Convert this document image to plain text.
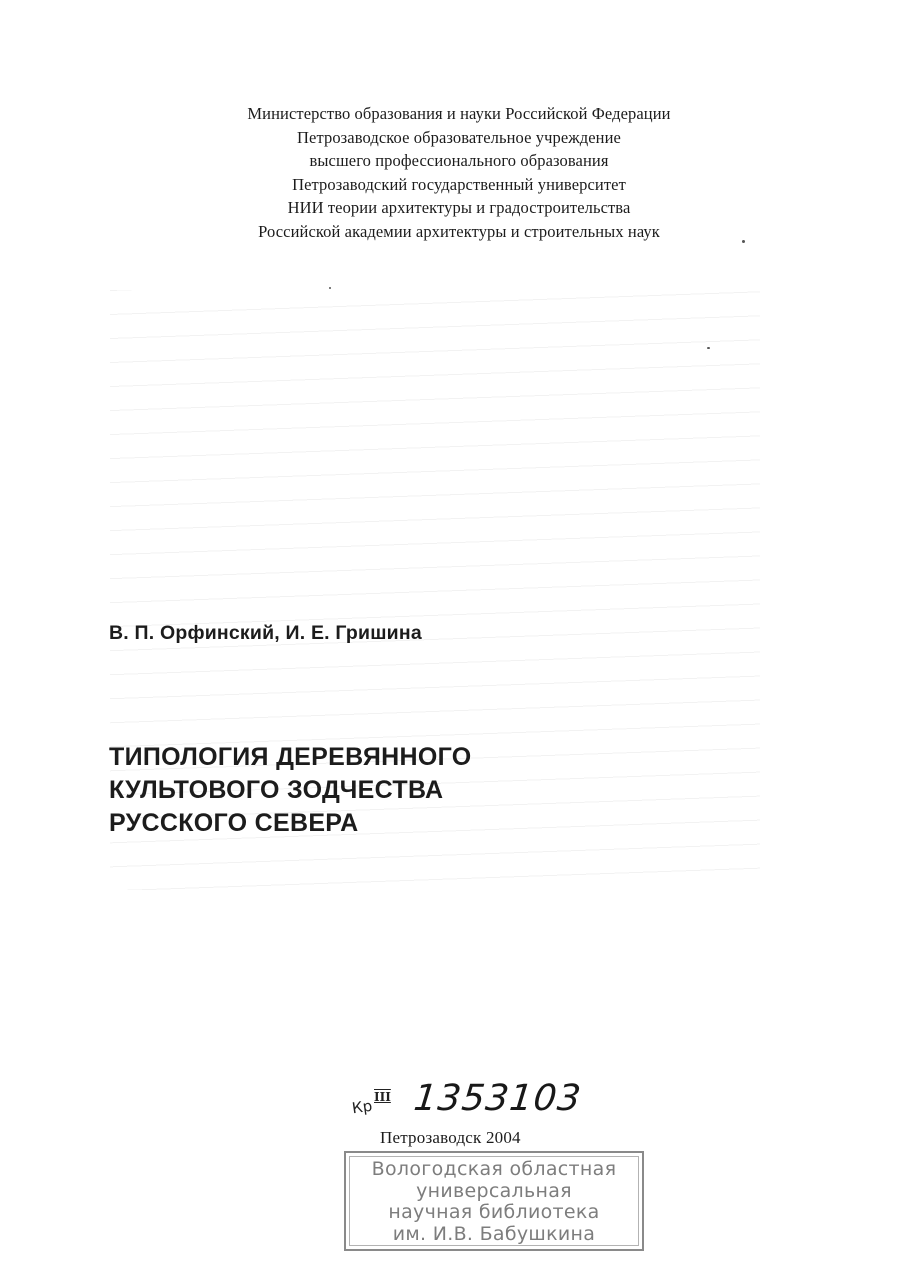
Министерство образования и науки Российской Федерации
Петрозаводское образовательное учреждение
высшего профессионального образования
Петрозаводский государственный университет
НИИ теории архитектуры и градостроительства
Российской академии архитектуры и строительных наук
В. П. Орфинский, И. Е. Гришина
ТИПОЛОГИЯ ДЕРЕВЯННОГО
КУЛЬТОВОГО ЗОДЧЕСТВА
РУССКОГО СЕВЕРА
Кр III 1353103
Петрозаводск 2004
Вологодская областная
универсальная
научная библиотека
им. И.В. Бабушкина
